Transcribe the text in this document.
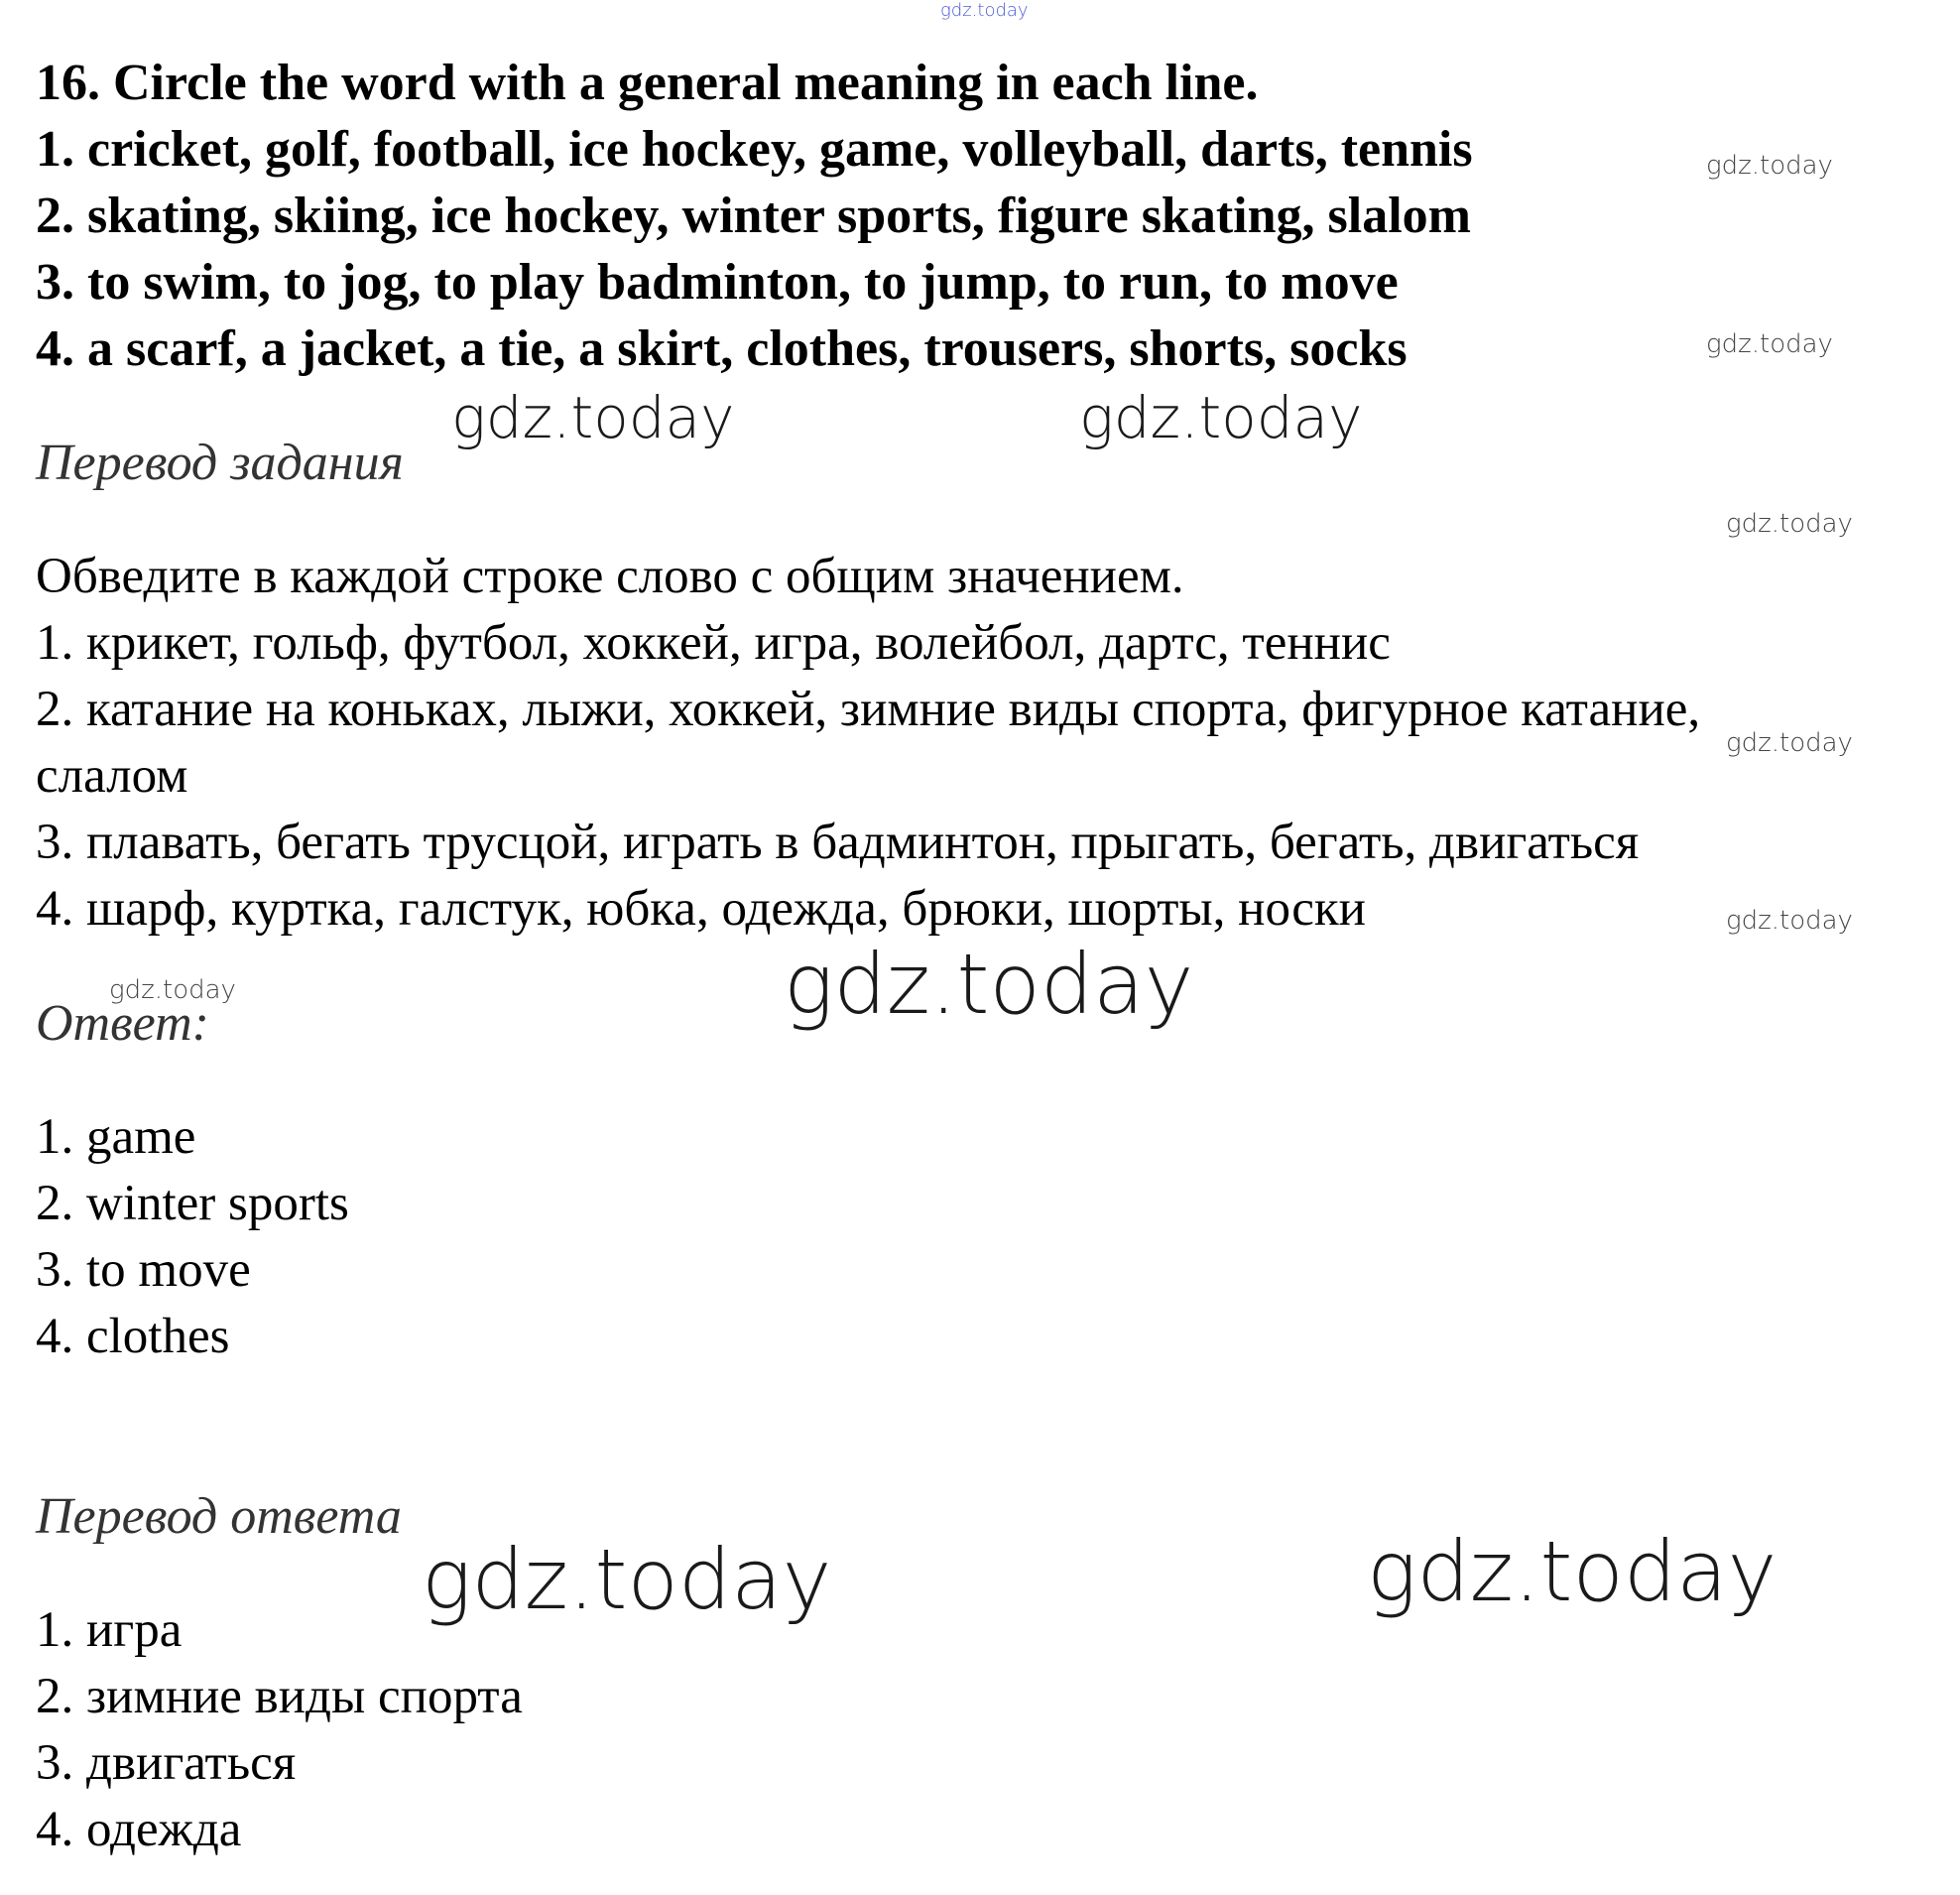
16. Circle the word with a general meaning in each line.
1. cricket, golf, football, ice hockey, game, volleyball, darts, tennis
2. skating, skiing, ice hockey, winter sports, figure skating, slalom
3. to swim, to jog, to play badminton, to jump, to run, to move
4. a scarf, a jacket, a tie, a skirt, clothes, trousers, shorts, socks
Перевод задания
Обведите в каждой строке слово с общим значением.
1. крикет, гольф, футбол, хоккей, игра, волейбол, дартс, теннис
2. катание на коньках, лыжи, хоккей, зимние виды спорта, фигурное катание,
слалом
3. плавать, бегать трусцой, играть в бадминтон, прыгать, бегать, двигаться
4. шарф, куртка, галстук, юбка, одежда, брюки, шорты, носки
Ответ:
1. game
2. winter sports
3. to move
4. clothes
Перевод ответа
1. игра
2. зимние виды спорта
3. двигаться
4. одежда
gdz.today
gdz.today
gdz.today
gdz.today	gdz.today
gdz.today
gdz.today
gdz.today
gdz.today	gdz.today
gdz.today	gdz.today
